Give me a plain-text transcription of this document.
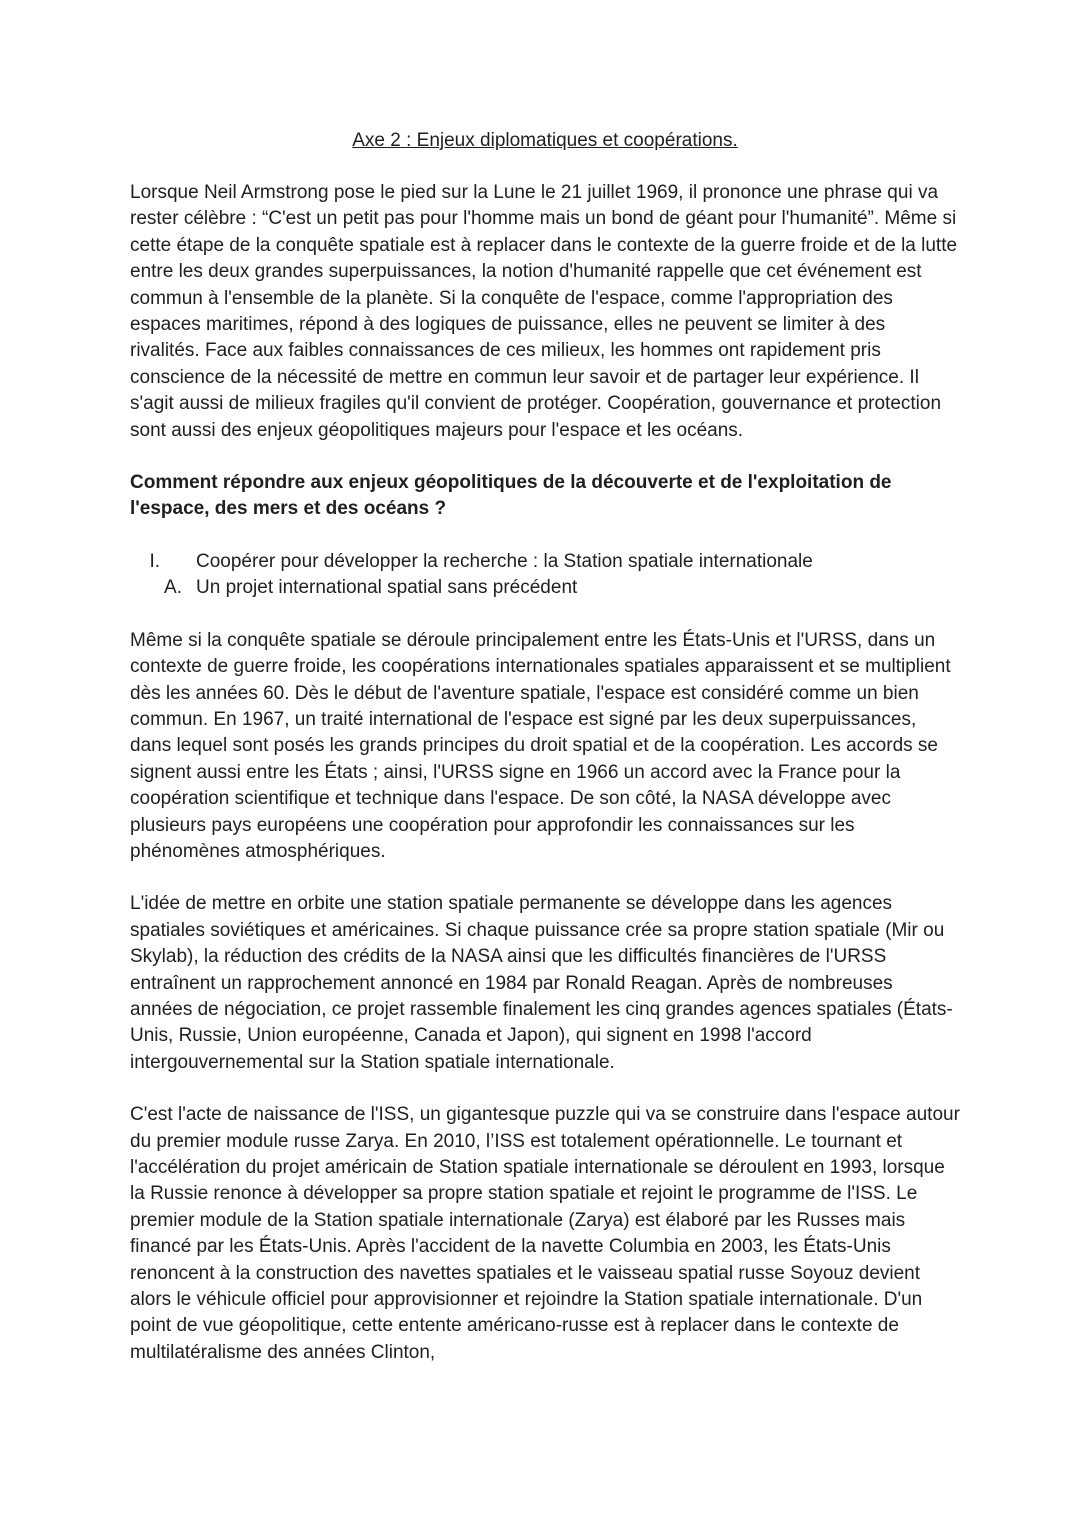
Axe 2 : Enjeux diplomatiques et coopérations.

Lorsque Neil Armstrong pose le pied sur la Lune le 21 juillet 1969, il prononce une phrase qui va rester célèbre : “C'est un petit pas pour l'homme mais un bond de géant pour l'humanité”. Même si cette étape de la conquête spatiale est à replacer dans le contexte de la guerre froide et de la lutte entre les deux grandes superpuissances, la notion d'humanité rappelle que cet événement est commun à l'ensemble de la planète. Si la conquête de l'espace, comme l'appropriation des espaces maritimes, répond à des logiques de puissance, elles ne peuvent se limiter à des rivalités. Face aux faibles connaissances de ces milieux, les hommes ont rapidement pris conscience de la nécessité de mettre en commun leur savoir et de partager leur expérience. Il s'agit aussi de milieux fragiles qu'il convient de protéger. Coopération, gouvernance et protection sont aussi des enjeux géopolitiques majeurs pour l'espace et les océans.

Comment répondre aux enjeux géopolitiques de la découverte et de l'exploitation de l'espace, des mers et des océans ?

I. Coopérer pour développer la recherche : la Station spatiale internationale
A. Un projet international spatial sans précédent

Même si la conquête spatiale se déroule principalement entre les États-Unis et l'URSS, dans un contexte de guerre froide, les coopérations internationales spatiales apparaissent et se multiplient dès les années 60. Dès le début de l'aventure spatiale, l'espace est considéré comme un bien commun. En 1967, un traité international de l'espace est signé par les deux superpuissances, dans lequel sont posés les grands principes du droit spatial et de la coopération. Les accords se signent aussi entre les États ; ainsi, l'URSS signe en 1966 un accord avec la France pour la coopération scientifique et technique dans l'espace. De son côté, la NASA développe avec plusieurs pays européens une coopération pour approfondir les connaissances sur les phénomènes atmosphériques.

L'idée de mettre en orbite une station spatiale permanente se développe dans les agences spatiales soviétiques et américaines. Si chaque puissance crée sa propre station spatiale (Mir ou Skylab), la réduction des crédits de la NASA ainsi que les difficultés financières de l'URSS entraînent un rapprochement annoncé en 1984 par Ronald Reagan. Après de nombreuses années de négociation, ce projet rassemble finalement les cinq grandes agences spatiales (États-Unis, Russie, Union européenne, Canada et Japon), qui signent en 1998 l'accord intergouvernemental sur la Station spatiale internationale.

C'est l'acte de naissance de l'ISS, un gigantesque puzzle qui va se construire dans l'espace autour du premier module russe Zarya. En 2010, l’ISS est totalement opérationnelle. Le tournant et l'accélération du projet américain de Station spatiale internationale se déroulent en 1993, lorsque la Russie renonce à développer sa propre station spatiale et rejoint le programme de l'ISS. Le premier module de la Station spatiale internationale (Zarya) est élaboré par les Russes mais financé par les États-Unis. Après l'accident de la navette Columbia en 2003, les États-Unis renoncent à la construction des navettes spatiales et le vaisseau spatial russe Soyouz devient alors le véhicule officiel pour approvisionner et rejoindre la Station spatiale internationale. D'un point de vue géopolitique, cette entente américano-russe est à replacer dans le contexte de multilatéralisme des années Clinton,
